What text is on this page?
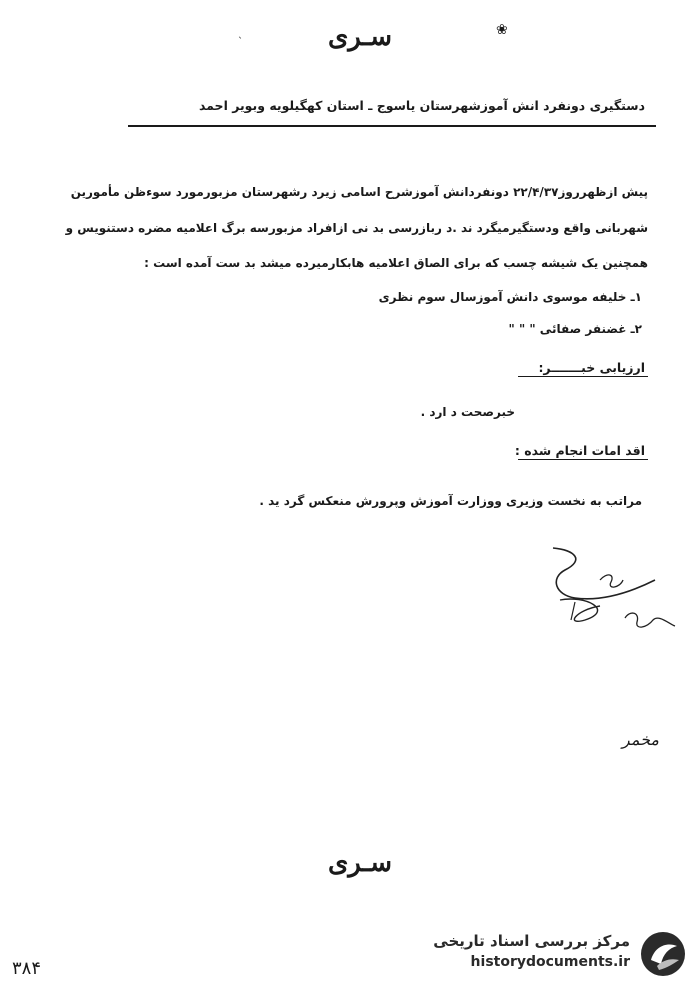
سـری	❀
ˎ
دستگیری دونفرد انش آموزشهرستان یاسوج ـ استان کهگیلویه وبویر احمد
پیش ازظهرروز۲۲/۴/۳۷ دونفردانش آموزشرح اسامی زیرد رشهرستان مزبورمورد سوءظن مأمورین
شهربانی واقع ودستگیرمیگرد ند .د ربازرسی بد نی ازافراد مزبورسه برگ اعلامیه مضره دستنویس و
همچنین یک شیشه چسب که برای الصاق اعلامیه هابکارمیرده میشد بد ست آمده است :
۱ـ خلیفه موسوی دانش آموزسال سوم نظری
۲ـ غضنفر صفائی " " "
ارزیابی خبـــــــر:
خبرصحت د ارد .
اقد امات انجام شده :
مراتب به نخست وزیری ووزارت آموزش وپرورش منعکس گرد ید .
مخمر
سـری
۳۸۴
مرکز بررسی اسناد تاریخی
historydocuments.ir
